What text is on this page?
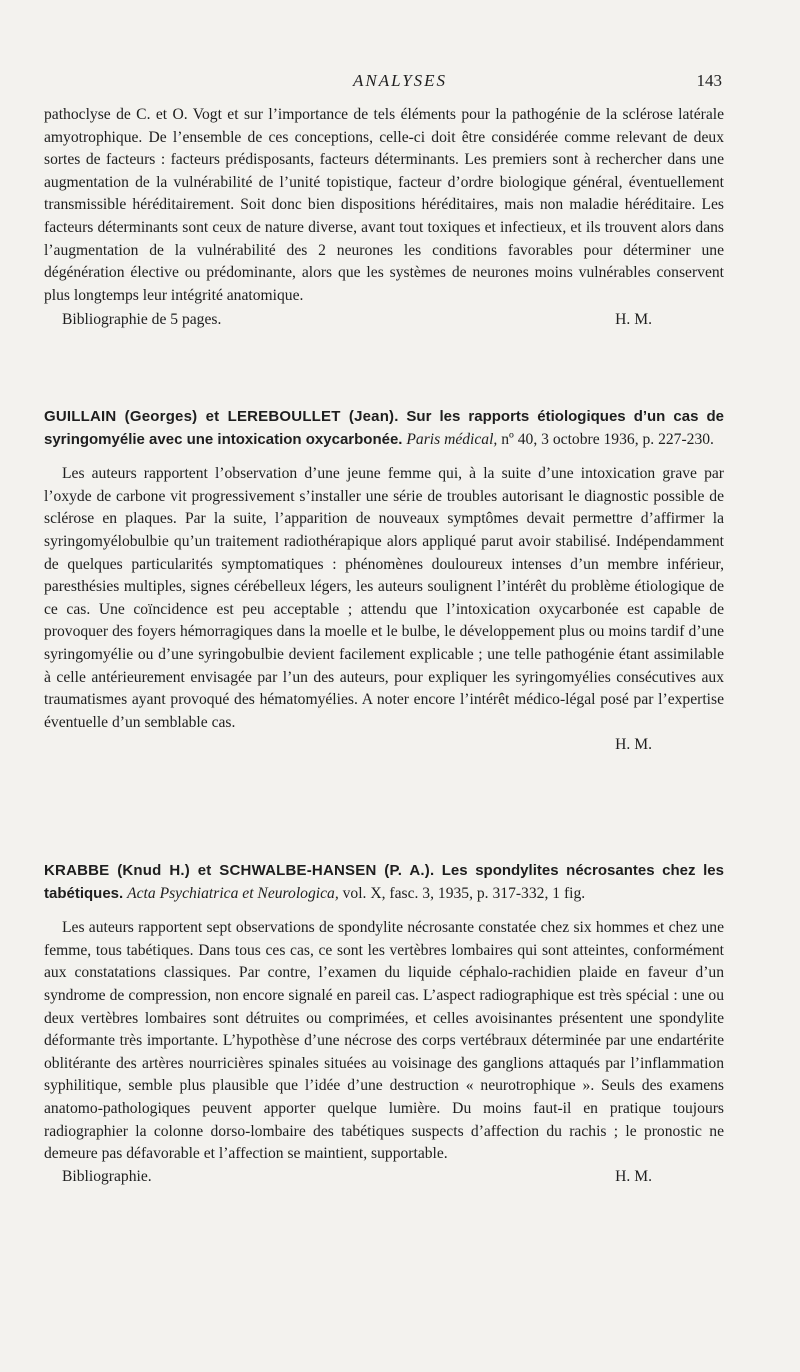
ANALYSES	143

pathoclyse de C. et O. Vogt et sur l’importance de tels éléments pour la pathogénie de la sclérose latérale amyotrophique. De l’ensemble de ces conceptions, celle-ci doit être considérée comme relevant de deux sortes de facteurs : facteurs prédisposants, facteurs déterminants. Les premiers sont à rechercher dans une augmentation de la vulnérabilité de l’unité topistique, facteur d’ordre biologique général, éventuellement transmissible héréditairement. Soit donc bien dispositions héréditaires, mais non maladie héréditaire. Les facteurs déterminants sont ceux de nature diverse, avant tout toxiques et infectieux, et ils trouvent alors dans l’augmentation de la vulnérabilité des 2 neurones les conditions favorables pour déterminer une dégénération élective ou prédominante, alors que les systèmes de neurones moins vulnérables conservent plus longtemps leur intégrité anatomique.

Bibliographie de 5 pages.	H. M.
GUILLAIN (Georges) et LEREBOULLET (Jean). Sur les rapports étiologiques d’un cas de syringomyélie avec une intoxication oxycarbonée. Paris médical, nº 40, 3 octobre 1936, p. 227-230.

Les auteurs rapportent l’observation d’une jeune femme qui, à la suite d’une intoxication grave par l’oxyde de carbone vit progressivement s’installer une série de troubles autorisant le diagnostic possible de sclérose en plaques. Par la suite, l’apparition de nouveaux symptômes devait permettre d’affirmer la syringomyélobulbie qu’un traitement radiothérapique alors appliqué parut avoir stabilisé. Indépendamment de quelques particularités symptomatiques : phénomènes douloureux intenses d’un membre inférieur, paresthésies multiples, signes cérébelleux légers, les auteurs soulignent l’intérêt du problème étiologique de ce cas. Une coïncidence est peu acceptable ; attendu que l’intoxication oxycarbonée est capable de provoquer des foyers hémorragiques dans la moelle et le bulbe, le développement plus ou moins tardif d’une syringomyélie ou d’une syringobulbie devient facilement explicable ; une telle pathogénie étant assimilable à celle antérieurement envisagée par l’un des auteurs, pour expliquer les syringomyélies consécutives aux traumatismes ayant provoqué des hématomyélies. A noter encore l’intérêt médico-légal posé par l’expertise éventuelle d’un semblable cas.

H. M.
KRABBE (Knud H.) et SCHWALBE-HANSEN (P. A.). Les spondylites nécrosantes chez les tabétiques. Acta Psychiatrica et Neurologica, vol. X, fasc. 3, 1935, p. 317-332, 1 fig.

Les auteurs rapportent sept observations de spondylite nécrosante constatée chez six hommes et chez une femme, tous tabétiques. Dans tous ces cas, ce sont les vertèbres lombaires qui sont atteintes, conformément aux constatations classiques. Par contre, l’examen du liquide céphalo-rachidien plaide en faveur d’un syndrome de compression, non encore signalé en pareil cas. L’aspect radiographique est très spécial : une ou deux vertèbres lombaires sont détruites ou comprimées, et celles avoisinantes présentent une spondylite déformante très importante. L’hypothèse d’une nécrose des corps vertébraux déterminée par une endartérite oblitérante des artères nourricières spinales situées au voisinage des ganglions attaqués par l’inflammation syphilitique, semble plus plausible que l’idée d’une destruction « neurotrophique ». Seuls des examens anatomo-pathologiques peuvent apporter quelque lumière. Du moins faut-il en pratique toujours radiographier la colonne dorso-lombaire des tabétiques suspects d’affection du rachis ; le pronostic ne demeure pas défavorable et l’affection se maintient, supportable.

Bibliographie.	H. M.
